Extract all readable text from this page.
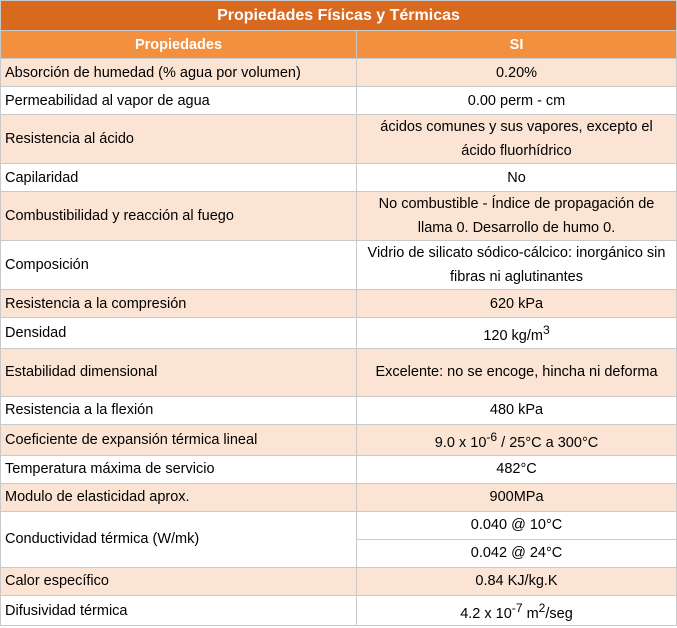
Propiedades Físicas y Térmicas	
Propiedades	SI
Absorción de humedad (% agua por volumen)	0.20%
Permeabilidad al vapor de agua	0.00 perm - cm
Resistencia al ácido	ácidos comunes y sus vapores, excepto el ácido fluorhídrico
Capilaridad	No
Combustibilidad y reacción al fuego	No combustible - Índice de propagación de llama 0. Desarrollo de humo 0.
Composición	Vidrio de silicato sódico-cálcico: inorgánico sin fibras ni aglutinantes
Resistencia a la compresión	620 kPa
Densidad	120 $kg/m^3$
Estabilidad dimensional	Excelente: no se encoge, hincha ni deforma
Resistencia a la flexión	480 kPa
Coeficiente de expansión térmica lineal	9.0 x $10^{-6} / 25^\circ C$ a 300°C
Temperatura máxima de servicio	482°C
Modulo de elasticidad aprox.	900MPa
Conductividad térmica (W/mk)	0.040 @ 10°C
	0.042 @ 24°C
Calor específico	0.84 KJ/kg.K
Difusividad térmica	4.2 x $10^{-7}$ $m^2$/seg
